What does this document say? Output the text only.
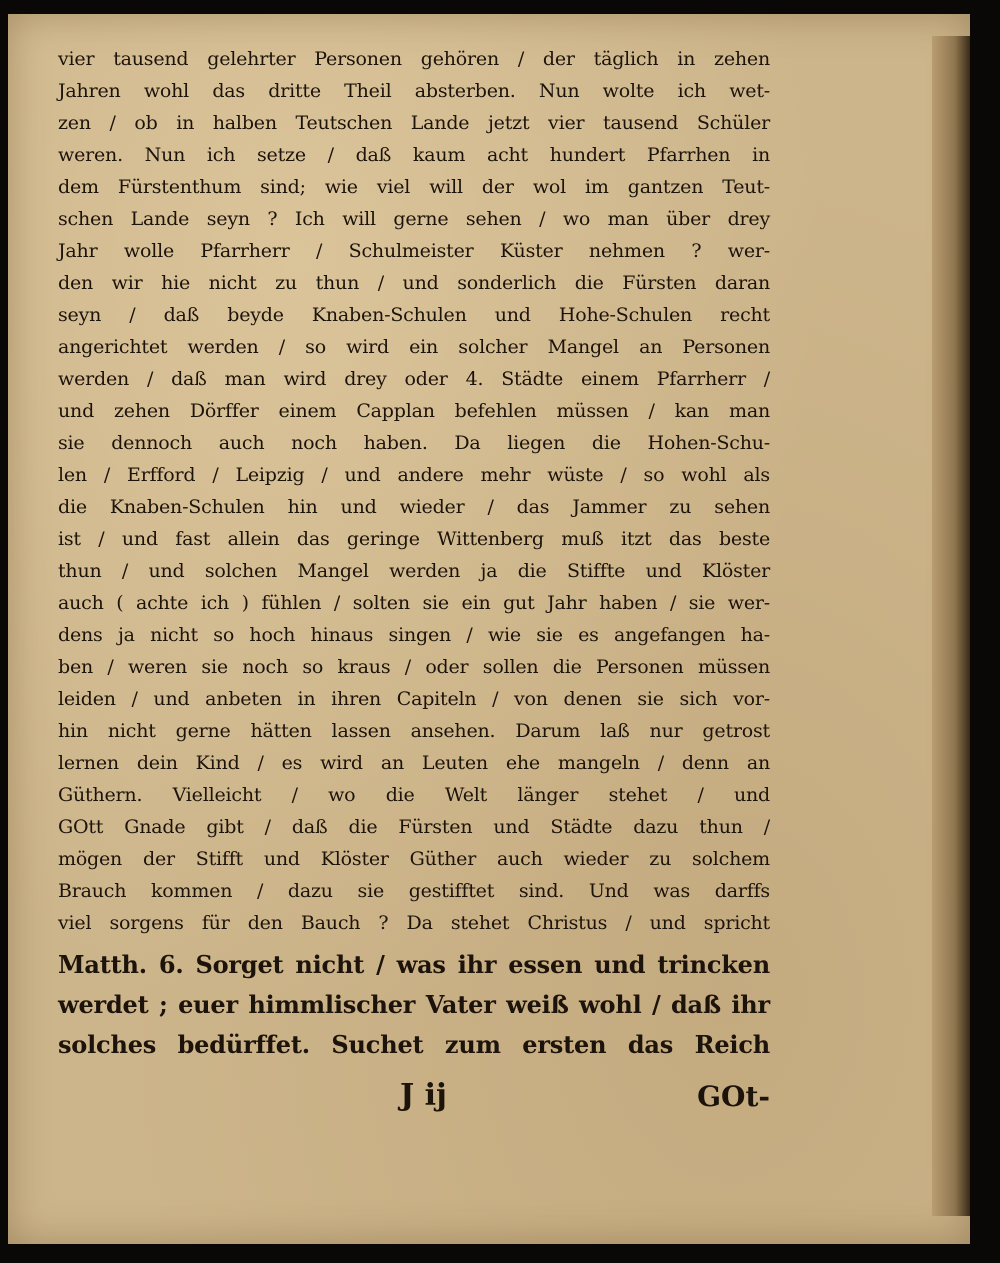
vier tausend gelehrter Personen gehören / der täglich in zehen
Jahren wohl das dritte Theil absterben. Nun wolte ich wet-
zen / ob in halben Teutschen Lande jetzt vier tausend Schüler
weren. Nun ich setze / daß kaum acht hundert Pfarrhen in
dem Fürstenthum sind; wie viel will der wol im gantzen Teut-
schen Lande seyn ? Ich will gerne sehen / wo man über drey
Jahr wolle Pfarrherr / Schulmeister Küster nehmen ? wer-
den wir hie nicht zu thun / und sonderlich die Fürsten daran
seyn / daß beyde Knaben-Schulen und Hohe-Schulen recht
angerichtet werden / so wird ein solcher Mangel an Personen
werden / daß man wird drey oder 4. Städte einem Pfarrherr /
und zehen Dörffer einem Capplan befehlen müssen / kan man
sie dennoch auch noch haben. Da liegen die Hohen-Schu-
len / Erfford / Leipzig / und andere mehr wüste / so wohl als
die Knaben-Schulen hin und wieder / das Jammer zu sehen
ist / und fast allein das geringe Wittenberg muß itzt das beste
thun / und solchen Mangel werden ja die Stiffte und Klöster
auch ( achte ich ) fühlen / solten sie ein gut Jahr haben / sie wer-
dens ja nicht so hoch hinaus singen / wie sie es angefangen ha-
ben / weren sie noch so kraus / oder sollen die Personen müssen
leiden / und anbeten in ihren Capiteln / von denen sie sich vor-
hin nicht gerne hätten lassen ansehen. Darum laß nur getrost
lernen dein Kind / es wird an Leuten ehe mangeln / denn an
Güthern. Vielleicht / wo die Welt länger stehet / und
GOtt Gnade gibt / daß die Fürsten und Städte dazu thun /
mögen der Stifft und Klöster Güther auch wieder zu solchem
Brauch kommen / dazu sie gestifftet sind. Und was darffs
viel sorgens für den Bauch ? Da stehet Christus / und spricht
Matth. 6. Sorget nicht / was ihr essen und trincken
werdet ; euer himmlischer Vater weiß wohl / daß ihr
solches bedürffet. Suchet zum ersten das Reich
J ij	GOt-
